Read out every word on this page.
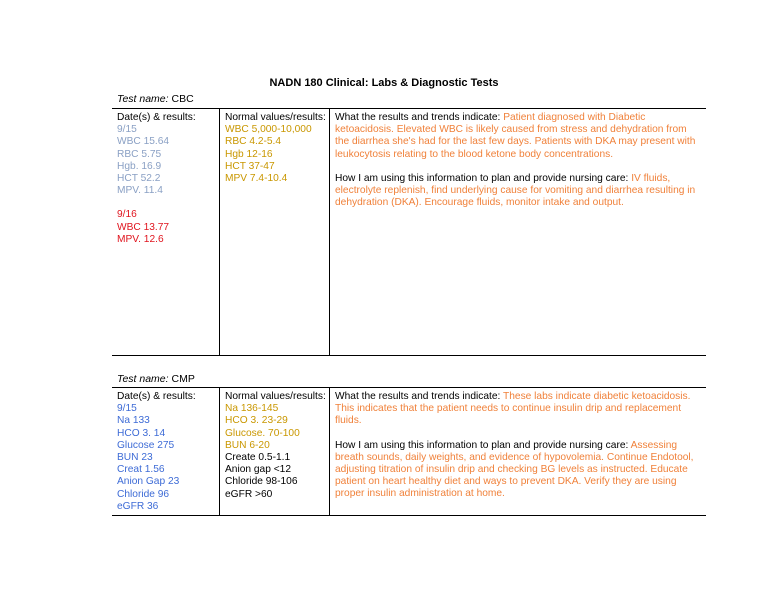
NADN 180 Clinical: Labs & Diagnostic Tests
Test name: CBC
Date(s) & results:
9/15
WBC 15.64
RBC 5.75
Hgb. 16.9
HCT 52.2
MPV. 11.4
9/16
WBC 13.77
MPV. 12.6
Normal values/results:
WBC 5,000-10,000
RBC 4.2-5.4
Hgb 12-16
HCT 37-47
MPV 7.4-10.4
What the results and trends indicate: Patient diagnosed with Diabetic ketoacidosis. Elevated WBC is likely caused from stress and dehydration from the diarrhea she's had for the last few days. Patients with DKA may present with leukocytosis relating to the blood ketone body concentrations.
How I am using this information to plan and provide nursing care: IV fluids, electrolyte replenish, find underlying cause for vomiting and diarrhea resulting in dehydration (DKA). Encourage fluids, monitor intake and output.
Test name: CMP
Date(s) & results:
9/15
Na 133
HCO 3. 14
Glucose 275
BUN 23
Creat 1.56
Anion Gap 23
Chloride 96
eGFR 36
Normal values/results:
Na 136-145
HCO 3. 23-29
Glucose. 70-100
BUN 6-20
Create 0.5-1.1
Anion gap <12
Chloride 98-106
eGFR >60
What the results and trends indicate: These labs indicate diabetic ketoacidosis. This indicates that the patient needs to continue insulin drip and replacement fluids.
How I am using this information to plan and provide nursing care: Assessing breath sounds, daily weights, and evidence of hypovolemia. Continue Endotool, adjusting titration of insulin drip and checking BG levels as instructed. Educate patient on heart healthy diet and ways to prevent DKA. Verify they are using proper insulin administration at home.
